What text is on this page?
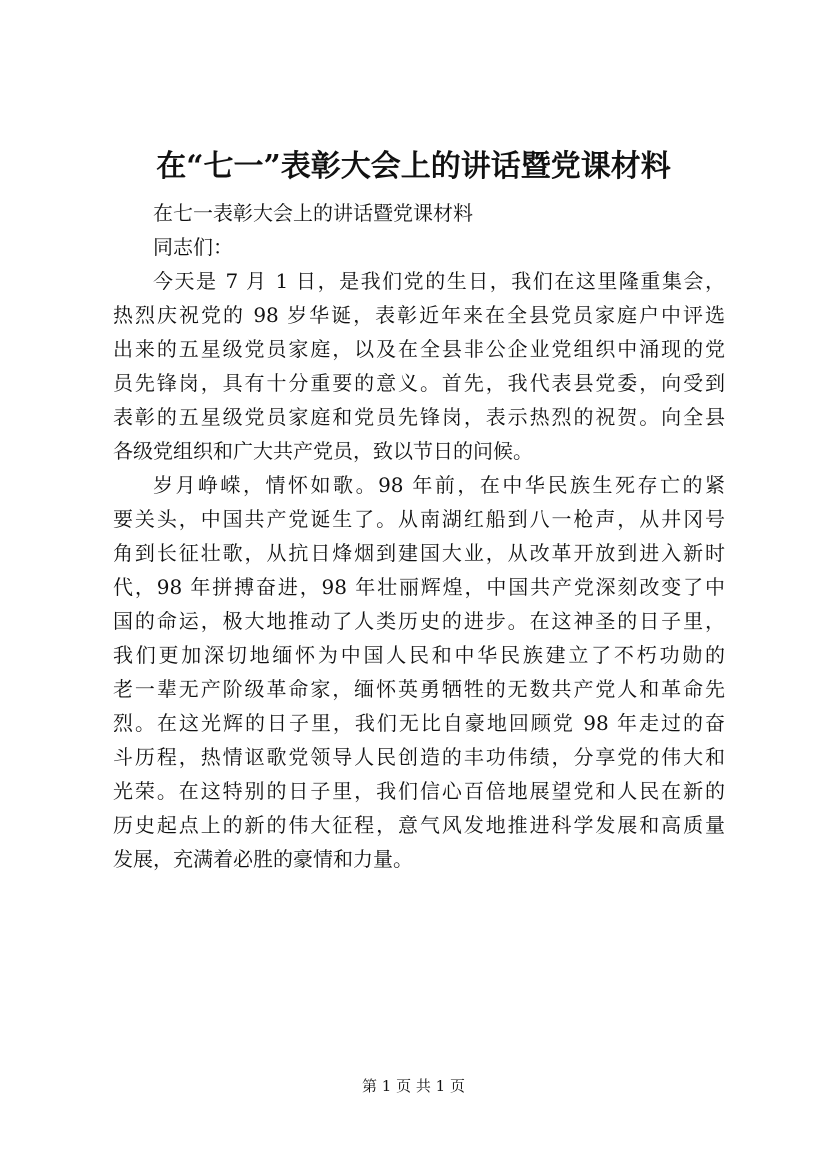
在“七一”表彰大会上的讲话暨党课材料
在七一表彰大会上的讲话暨党课材料
同志们：
今天是 7 月 1 日，是我们党的生日，我们在这里隆重集会，
热烈庆祝党的 98 岁华诞，表彰近年来在全县党员家庭户中评选
出来的五星级党员家庭，以及在全县非公企业党组织中涌现的党
员先锋岗，具有十分重要的意义。首先，我代表县党委，向受到
表彰的五星级党员家庭和党员先锋岗，表示热烈的祝贺。向全县
各级党组织和广大共产党员，致以节日的问候。
岁月峥嵘，情怀如歌。98 年前，在中华民族生死存亡的紧
要关头，中国共产党诞生了。从南湖红船到八一枪声，从井冈号
角到长征壮歌，从抗日烽烟到建国大业，从改革开放到进入新时
代，98 年拼搏奋进，98 年壮丽辉煌，中国共产党深刻改变了中
国的命运，极大地推动了人类历史的进步。在这神圣的日子里，
我们更加深切地缅怀为中国人民和中华民族建立了不朽功勋的
老一辈无产阶级革命家，缅怀英勇牺牲的无数共产党人和革命先
烈。在这光辉的日子里，我们无比自豪地回顾党 98 年走过的奋
斗历程，热情讴歌党领导人民创造的丰功伟绩，分享党的伟大和
光荣。在这特别的日子里，我们信心百倍地展望党和人民在新的
历史起点上的新的伟大征程，意气风发地推进科学发展和高质量
发展，充满着必胜的豪情和力量。
第 1 页 共 1 页
